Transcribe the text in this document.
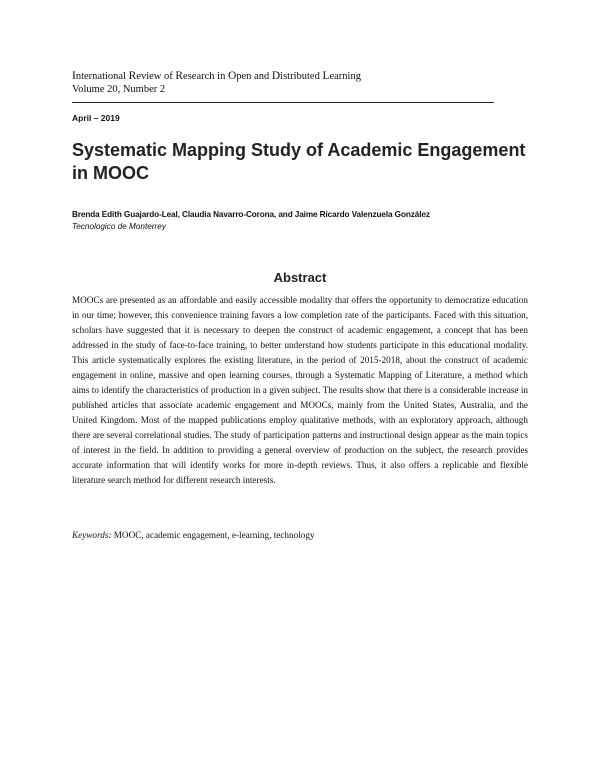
International Review of Research in Open and Distributed Learning
Volume 20, Number 2
April – 2019
Systematic Mapping Study of Academic Engagement in MOOC
Brenda Edith Guajardo-Leal, Claudia Navarro-Corona, and Jaime Ricardo Valenzuela González
Tecnologico de Monterrey
Abstract

MOOCs are presented as an affordable and easily accessible modality that offers the opportunity to democratize education in our time; however, this convenience training favors a low completion rate of the participants. Faced with this situation, scholars have suggested that it is necessary to deepen the construct of academic engagement, a concept that has been addressed in the study of face-to-face training, to better understand how students participate in this educational modality. This article systematically explores the existing literature, in the period of 2015-2018, about the construct of academic engagement in online, massive and open learning courses, through a Systematic Mapping of Literature, a method which aims to identify the characteristics of production in a given subject. The results show that there is a considerable increase in published articles that associate academic engagement and MOOCs, mainly from the United States, Australia, and the United Kingdom. Most of the mapped publications employ qualitative methods, with an exploratory approach, although there are several correlational studies. The study of participation patterns and instructional design appear as the main topics of interest in the field. In addition to providing a general overview of production on the subject, the research provides accurate information that will identify works for more in-depth reviews. Thus, it also offers a replicable and flexible literature search method for different research interests.

Keywords: MOOC, academic engagement, e-learning, technology
